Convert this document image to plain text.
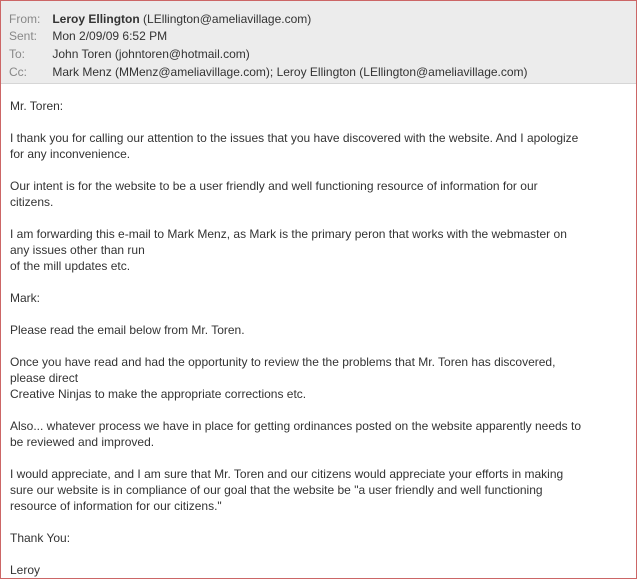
From: Leroy Ellington (LEllington@ameliavillage.com)
Sent: Mon 2/09/09 6:52 PM
To: John Toren (johntoren@hotmail.com)
Cc: Mark Menz (MMenz@ameliavillage.com); Leroy Ellington (LEllington@ameliavillage.com)
Mr. Toren:

I thank you for calling our attention to the issues that you have discovered with the website. And I apologize
for any inconvenience.

Our intent is for the website to be a user friendly and well functioning resource of information for our
citizens.

I am forwarding this e-mail to Mark Menz, as Mark is the primary peron that works with the webmaster on
any issues other than run
of the mill updates etc.

Mark:

Please read the email below from Mr. Toren.

Once you have read and had the opportunity to review the the problems that Mr. Toren has discovered,
please direct
Creative Ninjas to make the appropriate corrections etc.

Also... whatever process we have in place for getting ordinances posted on the website apparently needs to
be reviewed and improved.

I would appreciate, and I am sure that Mr. Toren and our citizens would appreciate your efforts in making
sure our website is in compliance of our goal that the website be "a user friendly and well functioning
resource of information for our citizens."

Thank You:

Leroy
